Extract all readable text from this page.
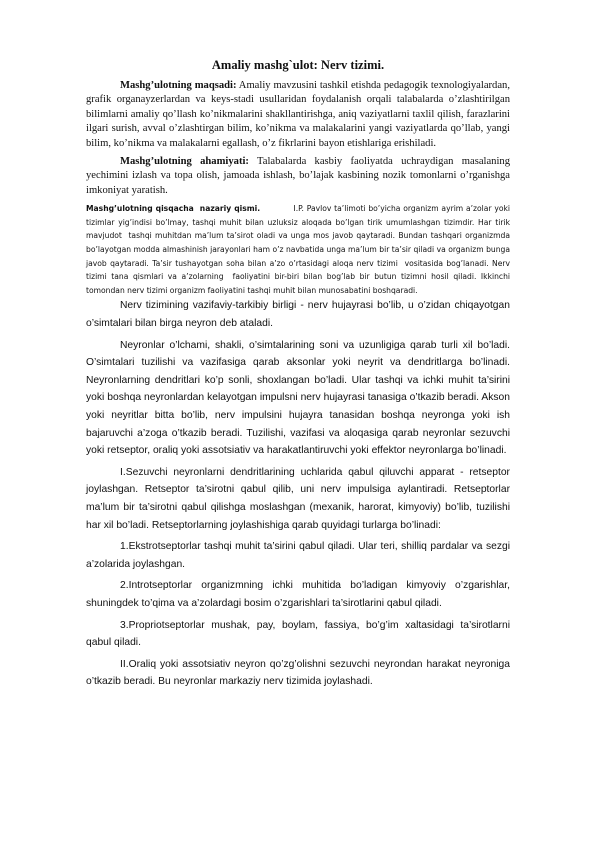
Amaliy mashg`ulot: Nerv tizimi.

Mashg’ulotning maqsadi: Amaliy mavzusini tashkil etishda pedagogik texnologiyalardan, grafik organayzerlardan va keys-stadi usullaridan foydalanish orqali talabalarda o’zlashtirilgan bilimlarni amaliy qo’llash ko’nikmalarini shakllantirishga, aniq vaziyatlarni taxlil qilish, farazlarini ilgari surish, avval o’zlashtirgan bilim, ko’nikma va malakalarini yangi vaziyatlarda qo’llab, yangi bilim, ko’nikma va malakalarni egallash, o’z fikrlarini bayon etishlariga erishiladi.

Mashg’ulotning ahamiyati: Talabalarda kasbiy faoliyatda uchraydigan masalaning yechimini izlash va topa olish, jamoada ishlash, bo’lajak kasbining nozik tomonlarni o’rganishga imkoniyat yaratish.

Mashg’ulotning qisqacha  nazariy qismi.            I.P. Pavlov ta’limoti bo’yicha organizm ayrim a’zolar yoki tizimlar yig’indisi bo’lmay, tashqi muhit bilan uzluksiz aloqada bo’lgan tirik umumlashgan tizimdir. Har tirik mavjudot  tashqi muhitdan ma’lum ta’sirot oladi va unga mos javob qaytaradi. Bundan tashqari organizmda bo’layotgan modda almashinish jarayonlari ham o’z navbatida unga ma’lum bir ta’sir qiladi va organizm bunga javob qaytaradi. Ta’sir tushayotgan soha bilan a’zo o’rtasidagi aloqa nerv tizimi  vositasida bog’lanadi. Nerv tizimi tana qismlari va a’zolarning  faoliyatini bir-biri bilan bog’lab bir butun tizimni hosil qiladi. Ikkinchi tomondan nerv tizimi organizm faoliyatini tashqi muhit bilan munosabatini boshqaradi.

Nerv tizimining vazifaviy-tarkibiy birligi - nerv hujayrasi bo’lib, u o’zidan chiqayotgan o’simtalari bilan birga neyron deb ataladi.

Neyronlar o’lchami, shakli, o’simtalarining soni va uzunligiga qarab turli xil bo’ladi. O’simtalari tuzilishi va vazifasiga qarab aksonlar yoki neyrit va dendritlarga bo’linadi. Neyronlarning dendritlari ko’p sonli, shoxlangan bo’ladi. Ular tashqi va ichki muhit ta’sirini yoki boshqa neyronlardan kelayotgan impulsni nerv hujayrasi tanasiga o’tkazib beradi. Akson yoki neyritlar bitta bo’lib, nerv impulsini hujayra tanasidan boshqa neyronga yoki ish bajaruvchi a’zoga o’tkazib beradi. Tuzilishi, vazifasi va aloqasiga qarab neyronlar sezuvchi yoki retseptor, oraliq yoki assotsiativ va harakatlantiruvchi yoki effektor neyronlarga bo’linadi.

I.Sezuvchi neyronlarni dendritlarining uchlarida qabul qiluvchi apparat - retseptor joylashgan. Retseptor ta’sirotni qabul qilib, uni nerv impulsiga aylantiradi. Retseptorlar ma’lum bir ta’sirotni qabul qilishga moslashgan (mexanik, harorat, kimyoviy) bo’lib, tuzilishi har xil bo’ladi. Retseptorlarning joylashishiga qarab quyidagi turlarga bo’linadi:

1.Ekstrotseptorlar tashqi muhit ta’sirini qabul qiladi. Ular teri, shilliq pardalar va sezgi a’zolarida joylashgan.

2.Introtseptorlar organizmning ichki muhitida bo’ladigan kimyoviy o’zgarishlar, shuningdek to’qima va a’zolardagi bosim o’zgarishlari ta’sirotlarini qabul qiladi.

3.Propriotseptorlar mushak, pay, boylam, fassiya, bo’g’im xaltasidagi ta’sirotlarni qabul qiladi.

II.Oraliq yoki assotsiativ neyron qo’zg’olishni sezuvchi neyrondan harakat neyroniga o’tkazib beradi. Bu neyronlar markaziy nerv tizimida joylashadi.
